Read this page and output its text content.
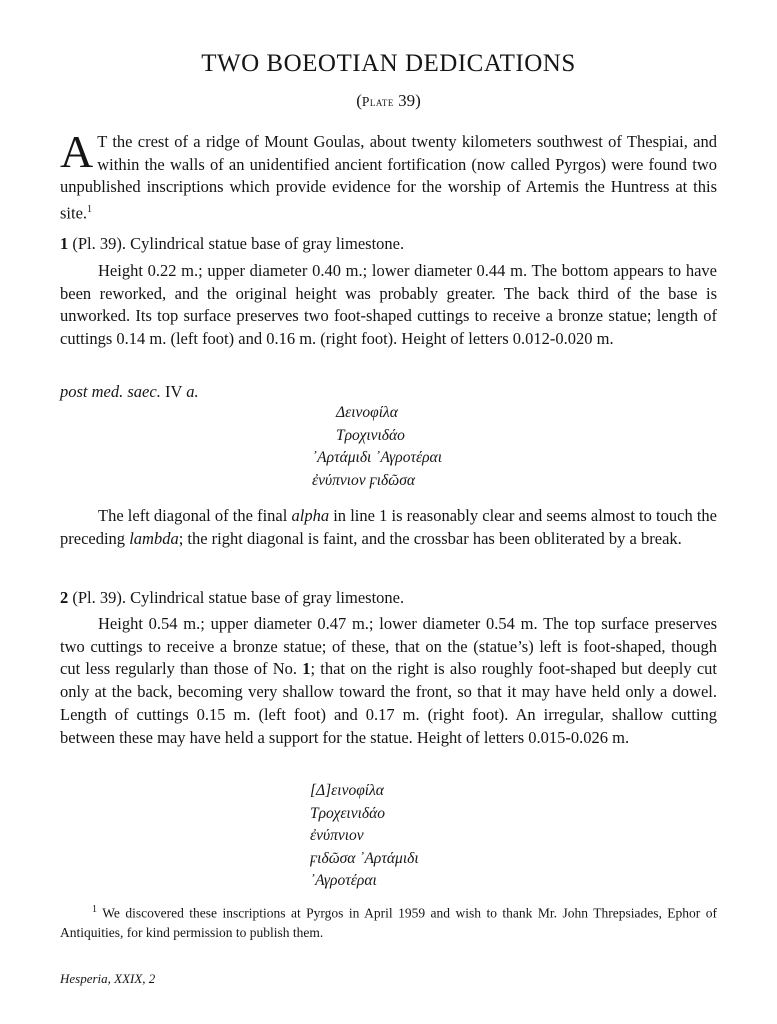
TWO BOEOTIAN DEDICATIONS
(Plate 39)

A T the crest of a ridge of Mount Goulas, about twenty kilometers southwest of Thespiai, and within the walls of an unidentified ancient fortification (now called Pyrgos) were found two unpublished inscriptions which provide evidence for the worship of Artemis the Huntress at this site.$^1$

1 (Pl. 39). Cylindrical statue base of gray limestone.

Height 0.22 m.; upper diameter 0.40 m.; lower diameter 0.44 m. The bottom appears to have been reworked, and the original height was probably greater. The back third of the base is unworked. Its top surface preserves two foot-shaped cuttings to receive a bronze statue; length of cuttings 0.14 m. (left foot) and 0.16 m. (right foot). Height of letters 0.012-0.020 m.

post med. saec. IV a.
Δεινοφίλα
Τροχινιδάο
᾿Αρτάμιδι ᾿Αγροτέραι
ἐνύπνιον ϝιδῶσα

The left diagonal of the final alpha in line 1 is reasonably clear and seems almost to touch the preceding lambda; the right diagonal is faint, and the crossbar has been obliterated by a break.

2 (Pl. 39). Cylindrical statue base of gray limestone.

Height 0.54 m.; upper diameter 0.47 m.; lower diameter 0.54 m. The top surface preserves two cuttings to receive a bronze statue; of these, that on the (statue’s) left is foot-shaped, though cut less regularly than those of No. 1; that on the right is also roughly foot-shaped but deeply cut only at the back, becoming very shallow toward the front, so that it may have held only a dowel. Length of cuttings 0.15 m. (left foot) and 0.17 m. (right foot). An irregular, shallow cutting between these may have held a support for the statue. Height of letters 0.015-0.026 m.

[Δ]εινοφίλα
Τροχεινιδάο
ἐνύπνιον
ϝιδῶσα ᾿Αρτάμιδι
᾿Αγροτέραι

$^1$ We discovered these inscriptions at Pyrgos in April 1959 and wish to thank Mr. John Threpsiades, Ephor of Antiquities, for kind permission to publish them.

Hesperia, XXIX, 2
